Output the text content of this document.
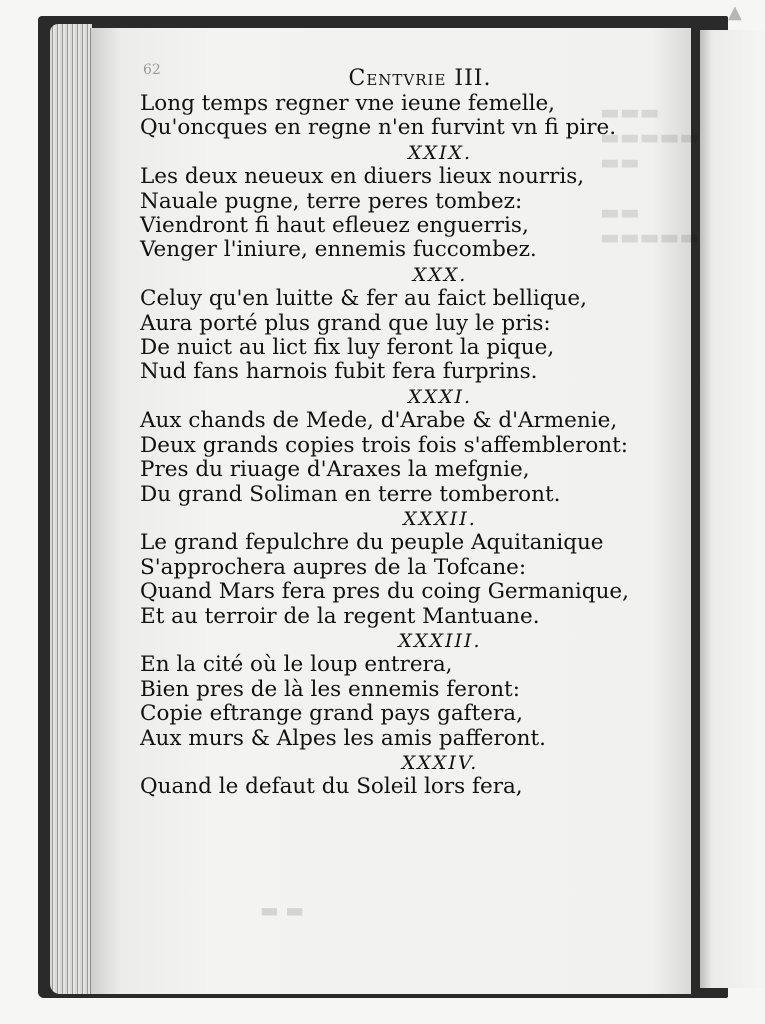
▲
62	Centvrie III.
Long temps regner vne ieune femelle,
Qu'oncques en regne n'en furvint vn fi pire.
XXIX.
Les deux neueux en diuers lieux nourris,
Nauale pugne, terre peres tombez:
Viendront fi haut efleuez enguerris,
Venger l'iniure, ennemis fuccombez.
XXX.
Celuy qu'en luitte & fer au faict bellique,
Aura porté plus grand que luy le pris:
De nuict au lict fix luy feront la pique,
Nud fans harnois fubit fera furprins.
XXXI.
Aux chands de Mede, d'Arabe & d'Armenie,
Deux grands copies trois fois s'affembleront:
Pres du riuage d'Araxes la mefgnie,
Du grand Soliman en terre tomberont.
XXXII.
Le grand fepulchre du peuple Aquitanique
S'approchera aupres de la Tofcane:
Quand Mars fera pres du coing Germanique,
Et au terroir de la regent Mantuane.
XXXIII.
En la cité où le loup entrera,
Bien pres de là les ennemis feront:
Copie eftrange grand pays gaftera,
Aux murs & Alpes les amis pafferont.
XXXIV.
Quand le defaut du Soleil lors fera,
▬ ▬
